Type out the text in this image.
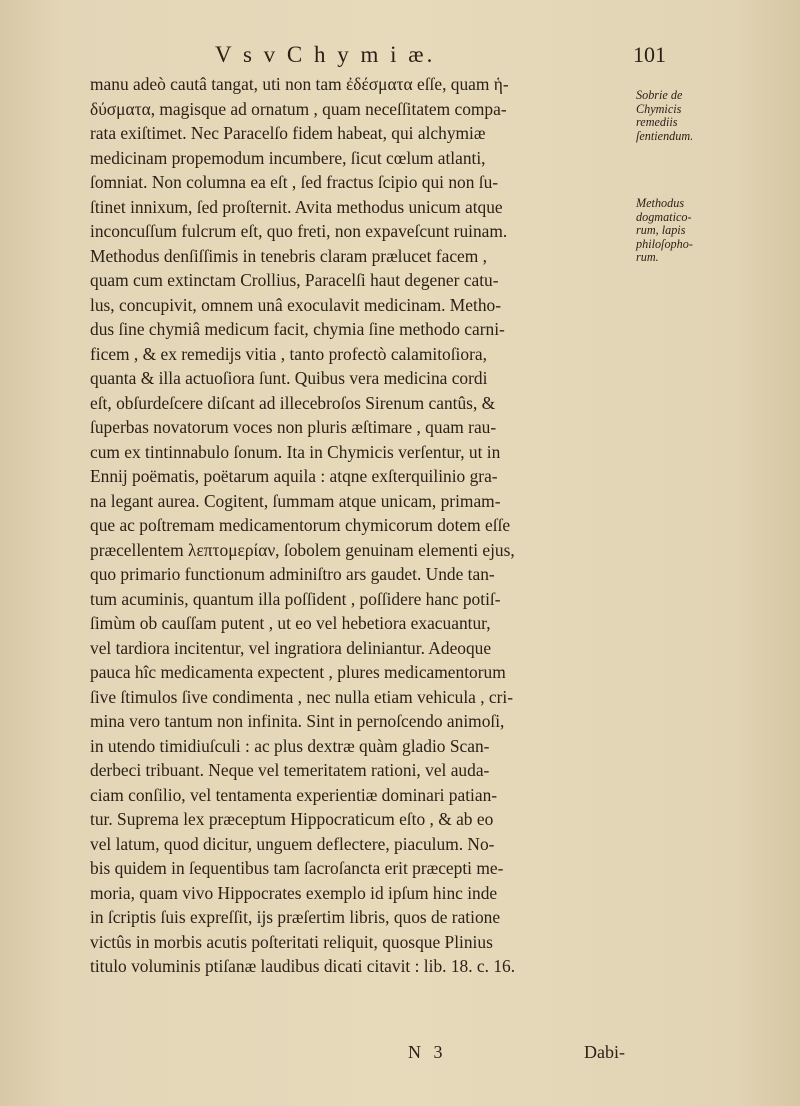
V s v C h y m i æ.	101
manu adeò cautâ tangat, uti non tam ἐδέσματα eſſe, quam ἡ-
δύσματα, magisque ad ornatum , quam neceſſitatem compa-
rata exiſtimet. Nec Paracelſo fidem habeat, qui alchymiæ
medicinam propemodum incumbere, ſicut cœlum atlanti,
ſomniat. Non columna ea eſt , ſed fractus ſcipio qui non ſu-
ſtinet innixum, ſed proſternit. Avita methodus unicum atque
inconcuſſum fulcrum eſt, quo freti, non expaveſcunt ruinam.
Methodus denſiſſimis in tenebris claram prælucet facem ,
quam cum extinctam Crollius, Paracelſi haut degener catu-
lus, concupivit, omnem unâ exoculavit medicinam. Metho-
dus ſine chymiâ medicum facit, chymia ſine methodo carni-
ficem , & ex remedijs vitia , tanto profectò calamitoſiora,
quanta & illa actuoſiora ſunt. Quibus vera medicina cordi
eſt, obſurdeſcere diſcant ad illecebroſos Sirenum cantûs, &
ſuperbas novatorum voces non pluris æſtimare , quam rau-
cum ex tintinnabulo ſonum. Ita in Chymicis verſentur, ut in
Ennij poëmatis, poëtarum aquila : atqne exſterquilinio gra-
na legant aurea. Cogitent, ſummam atque unicam, primam-
que ac poſtremam medicamentorum chymicorum dotem eſſe
præcellentem λεπτομερίαν, ſobolem genuinam elementi ejus,
quo primario functionum adminiſtro ars gaudet. Unde tan-
tum acuminis, quantum illa poſſident , poſſidere hanc potiſ-
ſimùm ob cauſſam putent , ut eo vel hebetiora exacuantur,
vel tardiora incitentur, vel ingratiora deliniantur. Adeoque
pauca hîc medicamenta expectent , plures medicamentorum
ſive ſtimulos ſive condimenta , nec nulla etiam vehicula , cri-
mina vero tantum non infinita. Sint in pernoſcendo animoſi,
in utendo timidiuſculi : ac plus dextræ quàm gladio Scan-
derbeci tribuant. Neque vel temeritatem rationi, vel auda-
ciam conſilio, vel tentamenta experientiæ dominari patian-
tur. Suprema lex præceptum Hippocraticum eſto , & ab eo
vel latum, quod dicitur, unguem deflectere, piaculum. No-
bis quidem in ſequentibus tam ſacroſancta erit præcepti me-
moria, quam vivo Hippocrates exemplo id ipſum hinc inde
in ſcriptis ſuis expreſſit, ijs præſertim libris, quos de ratione
victûs in morbis acutis poſteritati reliquit, quosque Plinius
titulo voluminis ptiſanæ laudibus dicati citavit : lib. 18. c. 16.
Sobrie de
Chymicis
remediis
ſentiendum.
Methodus
dogmatico-
rum, lapis
philoſopho-
rum.
N 3	Dabi-
